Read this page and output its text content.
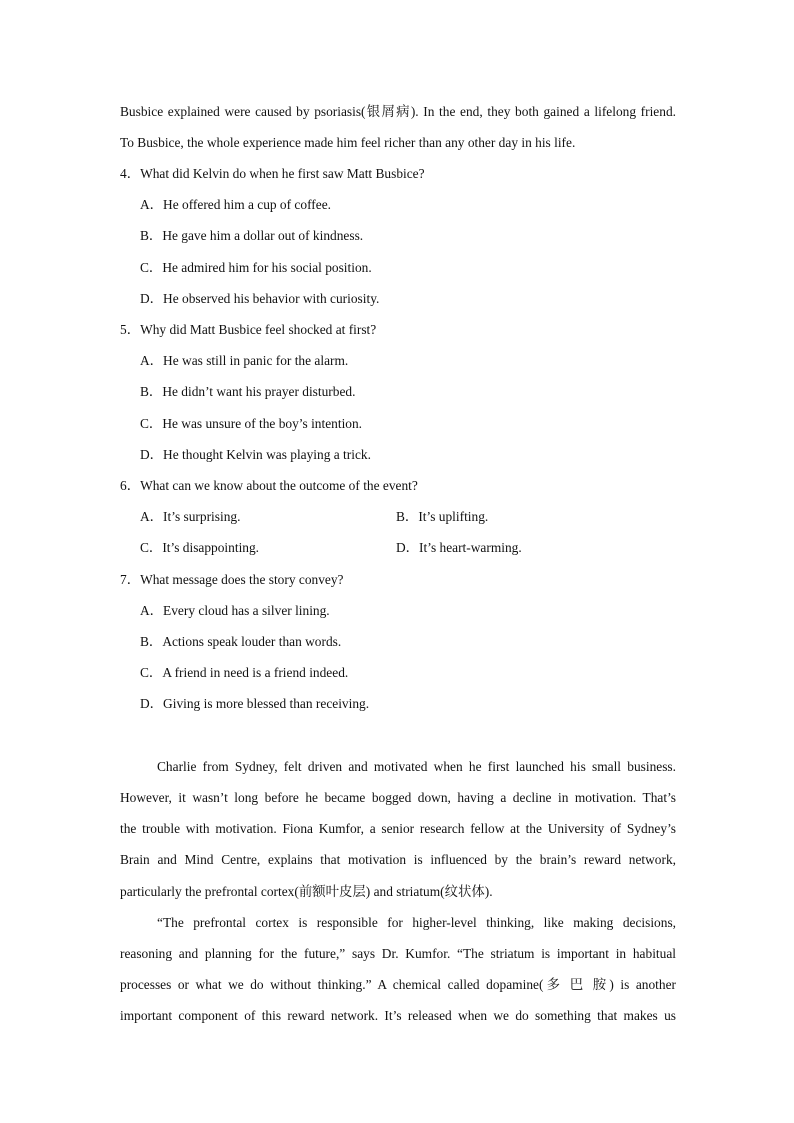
Busbice explained were caused by psoriasis(银屑病). In the end, they both gained a lifelong friend.
To Busbice, the whole experience made him feel richer than any other day in his life.
4．What did Kelvin do when he first saw Matt Busbice?
A．He offered him a cup of coffee.
B．He gave him a dollar out of kindness.
C．He admired him for his social position.
D．He observed his behavior with curiosity.
5．Why did Matt Busbice feel shocked at first?
A．He was still in panic for the alarm.
B．He didn’t want his prayer disturbed.
C．He was unsure of the boy’s intention.
D．He thought Kelvin was playing a trick.
6．What can we know about the outcome of the event?
A．It’s surprising.	B．It’s uplifting.
C．It’s disappointing.	D．It’s heart-warming.
7．What message does the story convey?
A．Every cloud has a silver lining.
B．Actions speak louder than words.
C．A friend in need is a friend indeed.
D．Giving is more blessed than receiving.
Charlie from Sydney, felt driven and motivated when he first launched his small business.
However, it wasn’t long before he became bogged down, having a decline in motivation. That’s
the trouble with motivation. Fiona Kumfor, a senior research fellow at the University of Sydney’s
Brain and Mind Centre, explains that motivation is influenced by the brain’s reward network,
particularly the prefrontal cortex(前额叶皮层) and striatum(纹状体).
“The prefrontal cortex is responsible for higher-level thinking, like making decisions,
reasoning and planning for the future,” says Dr. Kumfor. “The striatum is important in habitual
processes or what we do without thinking.” A chemical called dopamine(多 巴 胺) is another
important component of this reward network. It’s released when we do something that makes us
